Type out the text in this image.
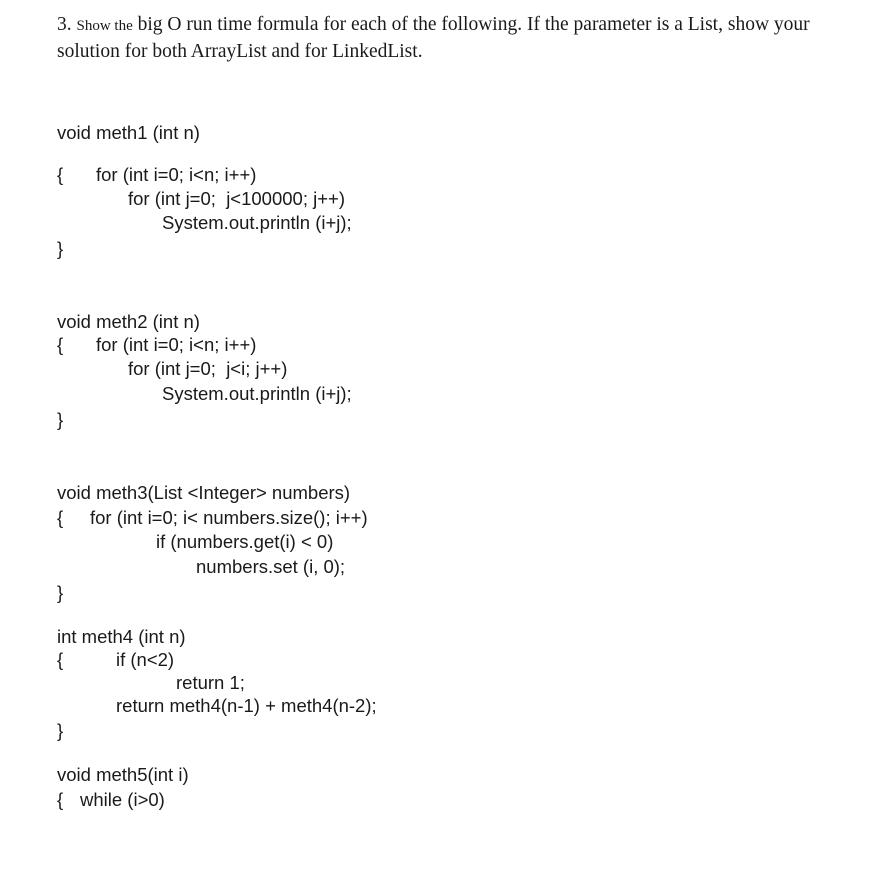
3. Show the big O run time formula for each of the following. If the parameter is a List, show your
solution for both ArrayList and for LinkedList.
void meth1 (int n)
{ for (int i=0; i<n; i++)
for (int j=0;  j<100000; j++)
System.out.println (i+j);
}
void meth2 (int n)
{ for (int i=0; i<n; i++)
for (int j=0;  j<i; j++)
System.out.println (i+j);
}
void meth3(List <Integer> numbers)
{ for (int i=0; i< numbers.size(); i++)
if (numbers.get(i) < 0)
numbers.set (i, 0);
}
int meth4 (int n)
{	if (n<2)
return 1;
return meth4(n-1) + meth4(n-2);
}
void meth5(int i)
{ while (i>0)
